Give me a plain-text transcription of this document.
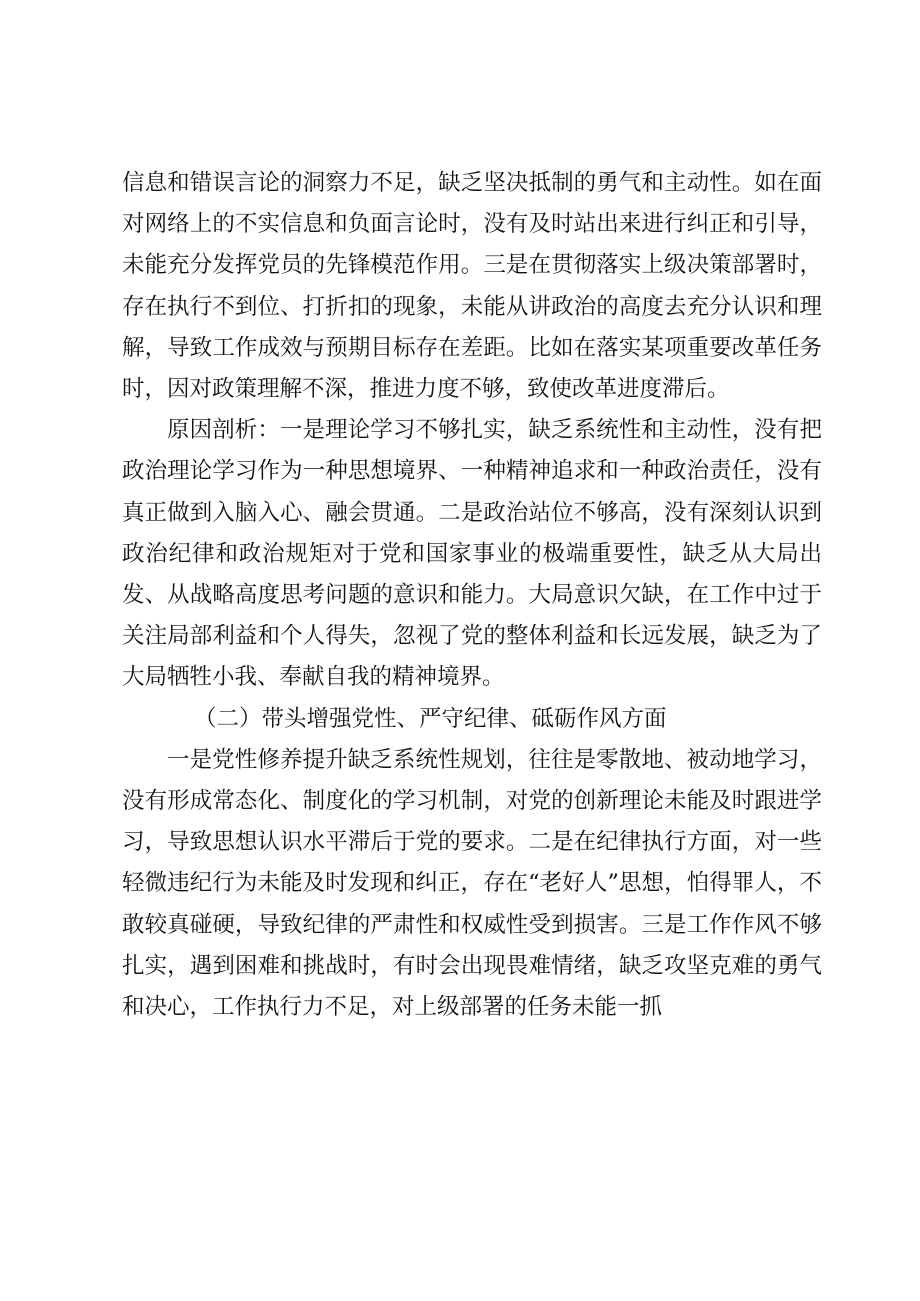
信息和错误言论的洞察力不足，缺乏坚决抵制的勇气和主动性。如在面对网络上的不实信息和负面言论时，没有及时站出来进行纠正和引导，未能充分发挥党员的先锋模范作用。三是在贯彻落实上级决策部署时，存在执行不到位、打折扣的现象，未能从讲政治的高度去充分认识和理解，导致工作成效与预期目标存在差距。比如在落实某项重要改革任务时，因对政策理解不深，推进力度不够，致使改革进度滞后。

原因剖析：一是理论学习不够扎实，缺乏系统性和主动性，没有把政治理论学习作为一种思想境界、一种精神追求和一种政治责任，没有真正做到入脑入心、融会贯通。二是政治站位不够高，没有深刻认识到政治纪律和政治规矩对于党和国家事业的极端重要性，缺乏从大局出发、从战略高度思考问题的意识和能力。大局意识欠缺，在工作中过于关注局部利益和个人得失，忽视了党的整体利益和长远发展，缺乏为了大局牺牲小我、奉献自我的精神境界。

（二）带头增强党性、严守纪律、砥砺作风方面

一是党性修养提升缺乏系统性规划，往往是零散地、被动地学习，没有形成常态化、制度化的学习机制，对党的创新理论未能及时跟进学习，导致思想认识水平滞后于党的要求。二是在纪律执行方面，对一些轻微违纪行为未能及时发现和纠正，存在“老好人”思想，怕得罪人，不敢较真碰硬，导致纪律的严肃性和权威性受到损害。三是工作作风不够扎实，遇到困难和挑战时，有时会出现畏难情绪，缺乏攻坚克难的勇气和决心，工作执行力不足，对上级部署的任务未能一抓
